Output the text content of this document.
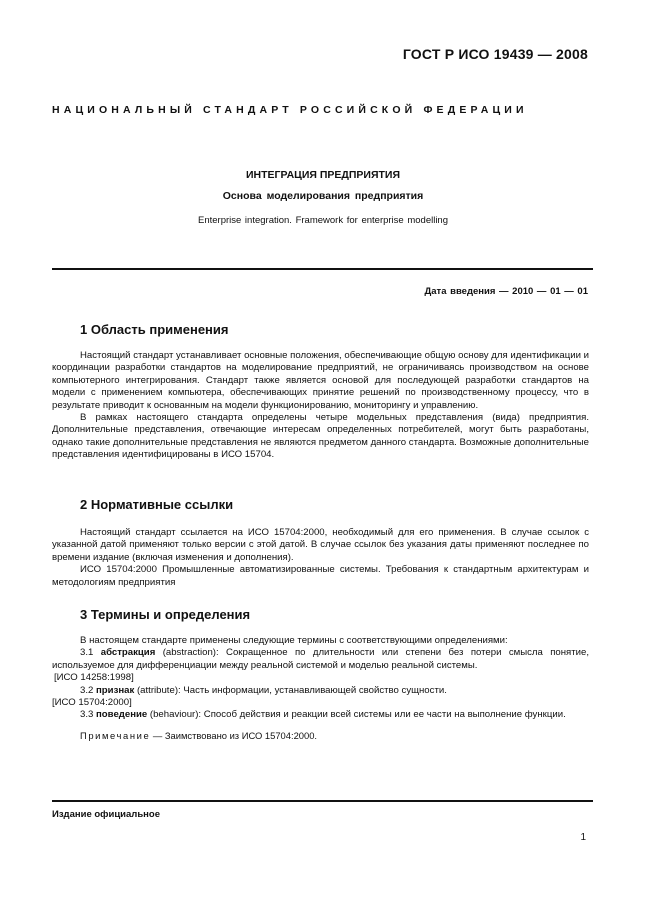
ГОСТ Р ИСО 19439 — 2008
НАЦИОНАЛЬНЫЙ СТАНДАРТ РОССИЙСКОЙ ФЕДЕРАЦИИ
ИНТЕГРАЦИЯ ПРЕДПРИЯТИЯ
Основа моделирования предприятия
Enterprise integration. Framework for enterprise modelling
Дата введения — 2010 — 01 — 01
1 Область применения

Настоящий стандарт устанавливает основные положения, обеспечивающие общую основу для идентификации и координации разработки стандартов на моделирование предприятий, не ограничиваясь производством на основе компьютерного интегрирования. Стандарт также является основой для последующей разработки стандартов на модели с применением компьютера, обеспечивающих принятие решений по производственному процессу, что в результате приводит к основанным на модели функционированию, мониторингу и управлению.

В рамках настоящего стандарта определены четыре модельных представления (вида) предприятия. Дополнительные представления, отвечающие интересам определенных потребителей, могут быть разработаны, однако такие дополнительные представления не являются предметом данного стандарта. Возможные дополнительные представления идентифицированы в ИСО 15704.

2 Нормативные ссылки

Настоящий стандарт ссылается на ИСО 15704:2000, необходимый для его применения. В случае ссылок с указанной датой применяют только версии с этой датой. В случае ссылок без указания даты применяют последнее по времени издание (включая изменения и дополнения).

ИСО 15704:2000 Промышленные автоматизированные системы. Требования к стандартным архитектурам и методологиям предприятия

3 Термины и определения

В настоящем стандарте применены следующие термины с соответствующими определениями:

3.1 абстракция (abstraction): Сокращенное по длительности или степени без потери смысла понятие, используемое для дифференциации между реальной системой и моделью реальной системы.

[ИСО 14258:1998]

3.2 признак (attribute): Часть информации, устанавливающей свойство сущности.

[ИСО 15704:2000]

3.3 поведение (behaviour): Способ действия и реакции всей системы или ее части на выполнение функции.

Примечание — Заимствовано из ИСО 15704:2000.

Издание официальное
1
